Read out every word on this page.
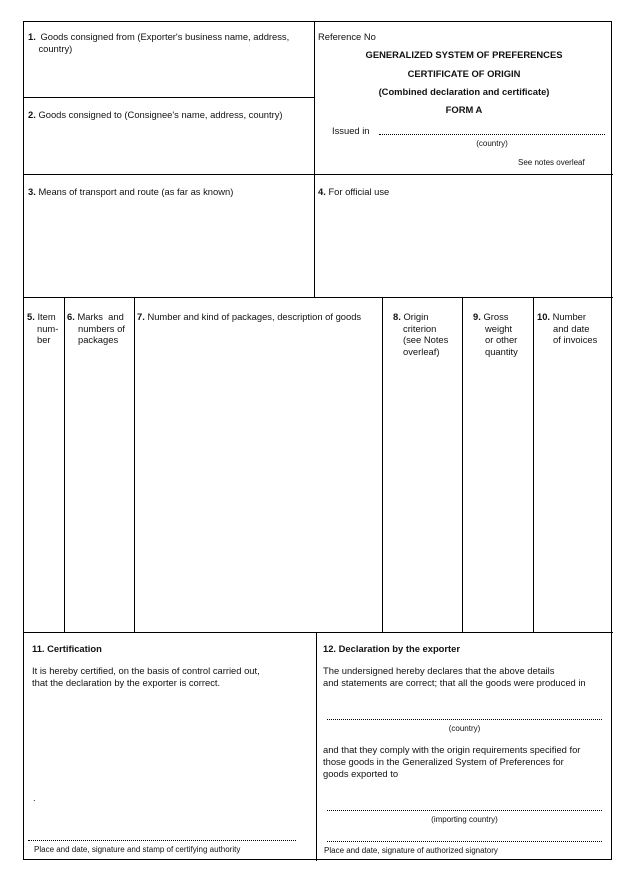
1. Goods consigned from (Exporter's business name, address, country)
2. Goods consigned to (Consignee's name, address, country)
Reference No
GENERALIZED SYSTEM OF PREFERENCES
CERTIFICATE OF ORIGIN
(Combined declaration and certificate)
FORM A
Issued in
(country)
See notes overleaf
3. Means of transport and route (as far as known)	4. For official use
5. Item
num-
ber
6. Marks  and
numbers of
packages
7. Number and kind of packages, description of goods	8. Origin
criterion
(see Notes
overleaf)
9. Gross
weight
or other
quantity
10. Number
and date
of invoices
11. Certification
It is hereby certified, on the basis of control carried out,
that the declaration by the exporter is correct.
.
Place and date, signature and stamp of certifying authority
12. Declaration by the exporter
The undersigned hereby declares that the above details
and statements are correct; that all the goods were produced in
(country)
and that they comply with the origin requirements specified for
those goods in the Generalized System of Preferences for
goods exported to
(importing country)
Place and date, signature of authorized signatory
